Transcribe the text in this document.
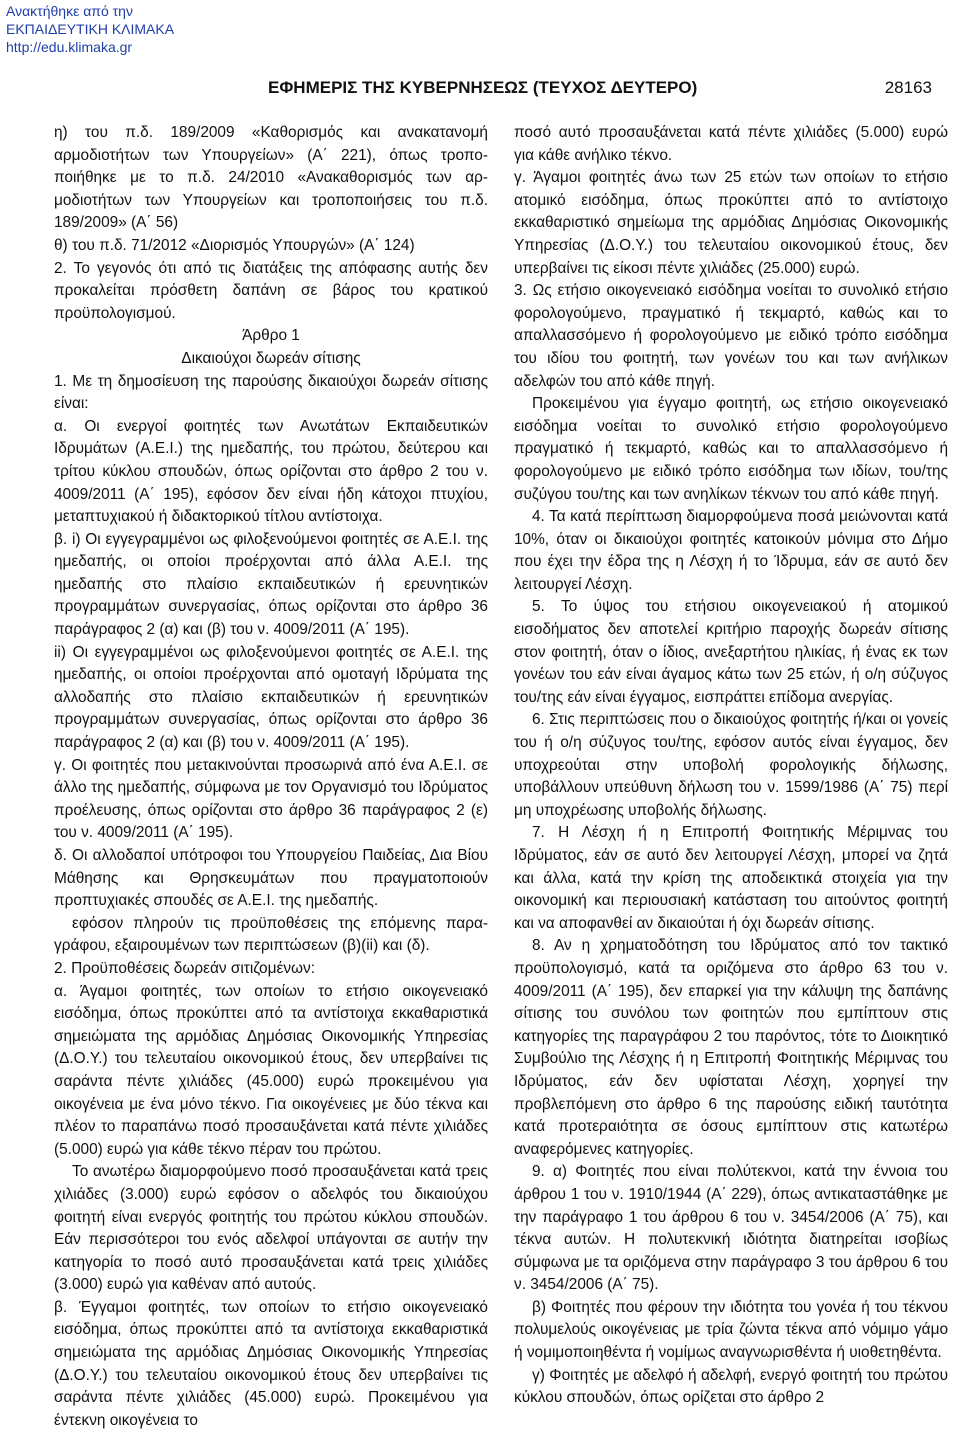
Ανακτήθηκε από την
ΕΚΠΑΙΔΕΥΤΙΚΗ ΚΛΙΜΑΚΑ
http://edu.klimaka.gr
ΕΦΗΜΕΡΙΣ ΤΗΣ ΚΥΒΕΡΝΗΣΕΩΣ (ΤΕΥΧΟΣ ΔΕΥΤΕΡΟ)	28163

η) του π.δ. 189/2009 «Καθορισμός και ανακατανομή αρμοδιοτήτων των Υπουργείων» (Α΄ 221), όπως τροποποιήθηκε με το π.δ. 24/2010 «Ανακαθορισμός των αρμοδιοτήτων των Υπουργείων και τροποποιήσεις του π.δ. 189/2009» (Α΄ 56)

θ) του π.δ. 71/2012 «Διορισμός Υπουργών» (Α΄ 124)

2. Το γεγονός ότι από τις διατάξεις της απόφασης αυτής δεν προκαλείται πρόσθετη δαπάνη σε βάρος του κρατικού προϋπολογισμού.

Άρθρο 1

Δικαιούχοι δωρεάν σίτισης

1. Με τη δημοσίευση της παρούσης δικαιούχοι δωρεάν σίτισης είναι:

α. Οι ενεργοί φοιτητές των Ανωτάτων Εκπαιδευτικών Ιδρυμάτων (Α.Ε.Ι.) της ημεδαπής, του πρώτου, δεύτερου και τρίτου κύκλου σπουδών, όπως ορίζονται στο άρθρο 2 του ν. 4009/2011 (Α΄ 195), εφόσον δεν είναι ήδη κάτοχοι πτυχίου, μεταπτυχιακού ή διδακτορικού τίτλου αντίστοιχα.

β. i) Οι εγγεγραμμένοι ως φιλοξενούμενοι φοιτητές σε Α.Ε.Ι. της ημεδαπής, οι οποίοι προέρχονται από άλλα Α.Ε.Ι. της ημεδαπής στο πλαίσιο εκπαιδευτικών ή ερευνητικών προγραμμάτων συνεργασίας, όπως ορίζονται στο άρθρο 36 παράγραφος 2 (α) και (β) του ν. 4009/2011 (Α΄ 195).

ii) Οι εγγεγραμμένοι ως φιλοξενούμενοι φοιτητές σε Α.Ε.Ι. της ημεδαπής, οι οποίοι προέρχονται από ομοταγή Ιδρύματα της αλλοδαπής στο πλαίσιο εκπαιδευτικών ή ερευνητικών προγραμμάτων συνεργασίας, όπως ορίζονται στο άρθρο 36 παράγραφος 2 (α) και (β) του ν. 4009/2011 (Α΄ 195).

γ. Οι φοιτητές που μετακινούνται προσωρινά από ένα Α.Ε.Ι. σε άλλο της ημεδαπής, σύμφωνα με τον Οργανισμό του Ιδρύματος προέλευσης, όπως ορίζονται στο άρθρο 36 παράγραφος 2 (ε) του ν. 4009/2011 (Α΄ 195).

δ. Οι αλλοδαποί υπότροφοι του Υπουργείου Παιδείας, Δια Βίου Μάθησης και Θρησκευμάτων που πραγματοποιούν προπτυχιακές σπουδές σε Α.Ε.Ι. της ημεδαπής.

εφόσον πληρούν τις προϋποθέσεις της επόμενης παραγράφου, εξαιρουμένων των περιπτώσεων (β)(ii) και (δ).

2. Προϋποθέσεις δωρεάν σιτιζομένων:

α. Άγαμοι φοιτητές, των οποίων το ετήσιο οικογενειακό εισόδημα, όπως προκύπτει από τα αντίστοιχα εκκαθαριστικά σημειώματα της αρμόδιας Δημόσιας Οικονομικής Υπηρεσίας (Δ.Ο.Υ.) του τελευταίου οικονομικού έτους, δεν υπερβαίνει τις σαράντα πέντε χιλιάδες (45.000) ευρώ προκειμένου για οικογένεια με ένα μόνο τέκνο. Για οικογένειες με δύο τέκνα και πλέον το παραπάνω ποσό προσαυξάνεται κατά πέντε χιλιάδες (5.000) ευρώ για κάθε τέκνο πέραν του πρώτου.

Το ανωτέρω διαμορφούμενο ποσό προσαυξάνεται κατά τρεις χιλιάδες (3.000) ευρώ εφόσον ο αδελφός του δικαιούχου φοιτητή είναι ενεργός φοιτητής του πρώτου κύκλου σπουδών. Εάν περισσότεροι του ενός αδελφοί υπάγονται σε αυτήν την κατηγορία το ποσό αυτό προσαυξάνεται κατά τρεις χιλιάδες (3.000) ευρώ για καθέναν από αυτούς.

β. Έγγαμοι φοιτητές, των οποίων το ετήσιο οικογενειακό εισόδημα, όπως προκύπτει από τα αντίστοιχα εκκαθαριστικά σημειώματα της αρμόδιας Δημόσιας Οικονομικής Υπηρεσίας (Δ.Ο.Υ.) του τελευταίου οικονομικού έτους δεν υπερβαίνει τις σαράντα πέντε χιλιάδες (45.000) ευρώ. Προκειμένου για έντεκνη οικογένεια το

ποσό αυτό προσαυξάνεται κατά πέντε χιλιάδες (5.000) ευρώ για κάθε ανήλικο τέκνο.

γ. Άγαμοι φοιτητές άνω των 25 ετών των οποίων το ετήσιο ατομικό εισόδημα, όπως προκύπτει από το αντίστοιχο εκκαθαριστικό σημείωμα της αρμόδιας Δημόσιας Οικονομικής Υπηρεσίας (Δ.Ο.Υ.) του τελευταίου οικονομικού έτους, δεν υπερβαίνει τις είκοσι πέντε χιλιάδες (25.000) ευρώ.

3. Ως ετήσιο οικογενειακό εισόδημα νοείται το συνολικό ετήσιο φορολογούμενο, πραγματικό ή τεκμαρτό, καθώς και το απαλλασσόμενο ή φορολογούμενο με ειδικό τρόπο εισόδημα του ιδίου του φοιτητή, των γονέων του και των ανήλικων αδελφών του από κάθε πηγή.

Προκειμένου για έγγαμο φοιτητή, ως ετήσιο οικογενειακό εισόδημα νοείται το συνολικό ετήσιο φορολογούμενο πραγματικό ή τεκμαρτό, καθώς και το απαλλασσόμενο ή φορολογούμενο με ειδικό τρόπο εισόδημα των ιδίων, του/της συζύγου του/της και των ανηλίκων τέκνων του από κάθε πηγή.

4. Τα κατά περίπτωση διαμορφούμενα ποσά μειώνονται κατά 10%, όταν οι δικαιούχοι φοιτητές κατοικούν μόνιμα στο Δήμο που έχει την έδρα της η Λέσχη ή το Ίδρυμα, εάν σε αυτό δεν λειτουργεί Λέσχη.

5. Το ύψος του ετήσιου οικογενειακού ή ατομικού εισοδήματος δεν αποτελεί κριτήριο παροχής δωρεάν σίτισης στον φοιτητή, όταν ο ίδιος, ανεξαρτήτου ηλικίας, ή ένας εκ των γονέων του εάν είναι άγαμος κάτω των 25 ετών, ή ο/η σύζυγος του/της εάν είναι έγγαμος, εισπράττει επίδομα ανεργίας.

6. Στις περιπτώσεις που ο δικαιούχος φοιτητής ή/και οι γονείς του ή ο/η σύζυγος του/της, εφόσον αυτός είναι έγγαμος, δεν υποχρεούται στην υποβολή φορολογικής δήλωσης, υποβάλλουν υπεύθυνη δήλωση του ν. 1599/1986 (Α΄ 75) περί μη υποχρέωσης υποβολής δήλωσης.

7. Η Λέσχη ή η Επιτροπή Φοιτητικής Μέριμνας του Ιδρύματος, εάν σε αυτό δεν λειτουργεί Λέσχη, μπορεί να ζητά και άλλα, κατά την κρίση της αποδεικτικά στοιχεία για την οικονομική και περιουσιακή κατάσταση του αιτούντος φοιτητή και να αποφανθεί αν δικαιούται ή όχι δωρεάν σίτισης.

8. Αν η χρηματοδότηση του Ιδρύματος από τον τακτικό προϋπολογισμό, κατά τα οριζόμενα στο άρθρο 63 του ν. 4009/2011 (Α΄ 195), δεν επαρκεί για την κάλυψη της δαπάνης σίτισης του συνόλου των φοιτητών που εμπίπτουν στις κατηγορίες της παραγράφου 2 του παρόντος, τότε το Διοικητικό Συμβούλιο της Λέσχης ή η Επιτροπή Φοιτητικής Μέριμνας του Ιδρύματος, εάν δεν υφίσταται Λέσχη, χορηγεί την προβλεπόμενη στο άρθρο 6 της παρούσης ειδική ταυτότητα κατά προτεραιότητα σε όσους εμπίπτουν στις κατωτέρω αναφερόμενες κατηγορίες.

9. α) Φοιτητές που είναι πολύτεκνοι, κατά την έννοια του άρθρου 1 του ν. 1910/1944 (Α΄ 229), όπως αντικαταστάθηκε με την παράγραφο 1 του άρθρου 6 του ν. 3454/2006 (Α΄ 75), και τέκνα αυτών. Η πολυτεκνική ιδιότητα διατηρείται ισοβίως σύμφωνα με τα οριζόμενα στην παράγραφο 3 του άρθρου 6 του ν. 3454/2006 (Α΄ 75).

β) Φοιτητές που φέρουν την ιδιότητα του γονέα ή του τέκνου πολυμελούς οικογένειας με τρία ζώντα τέκνα από νόμιμο γάμο ή νομιμοποιηθέντα ή νομίμως αναγνωρισθέντα ή υιοθετηθέντα.

γ) Φοιτητές με αδελφό ή αδελφή, ενεργό φοιτητή του πρώτου κύκλου σπουδών, όπως ορίζεται στο άρθρο 2
